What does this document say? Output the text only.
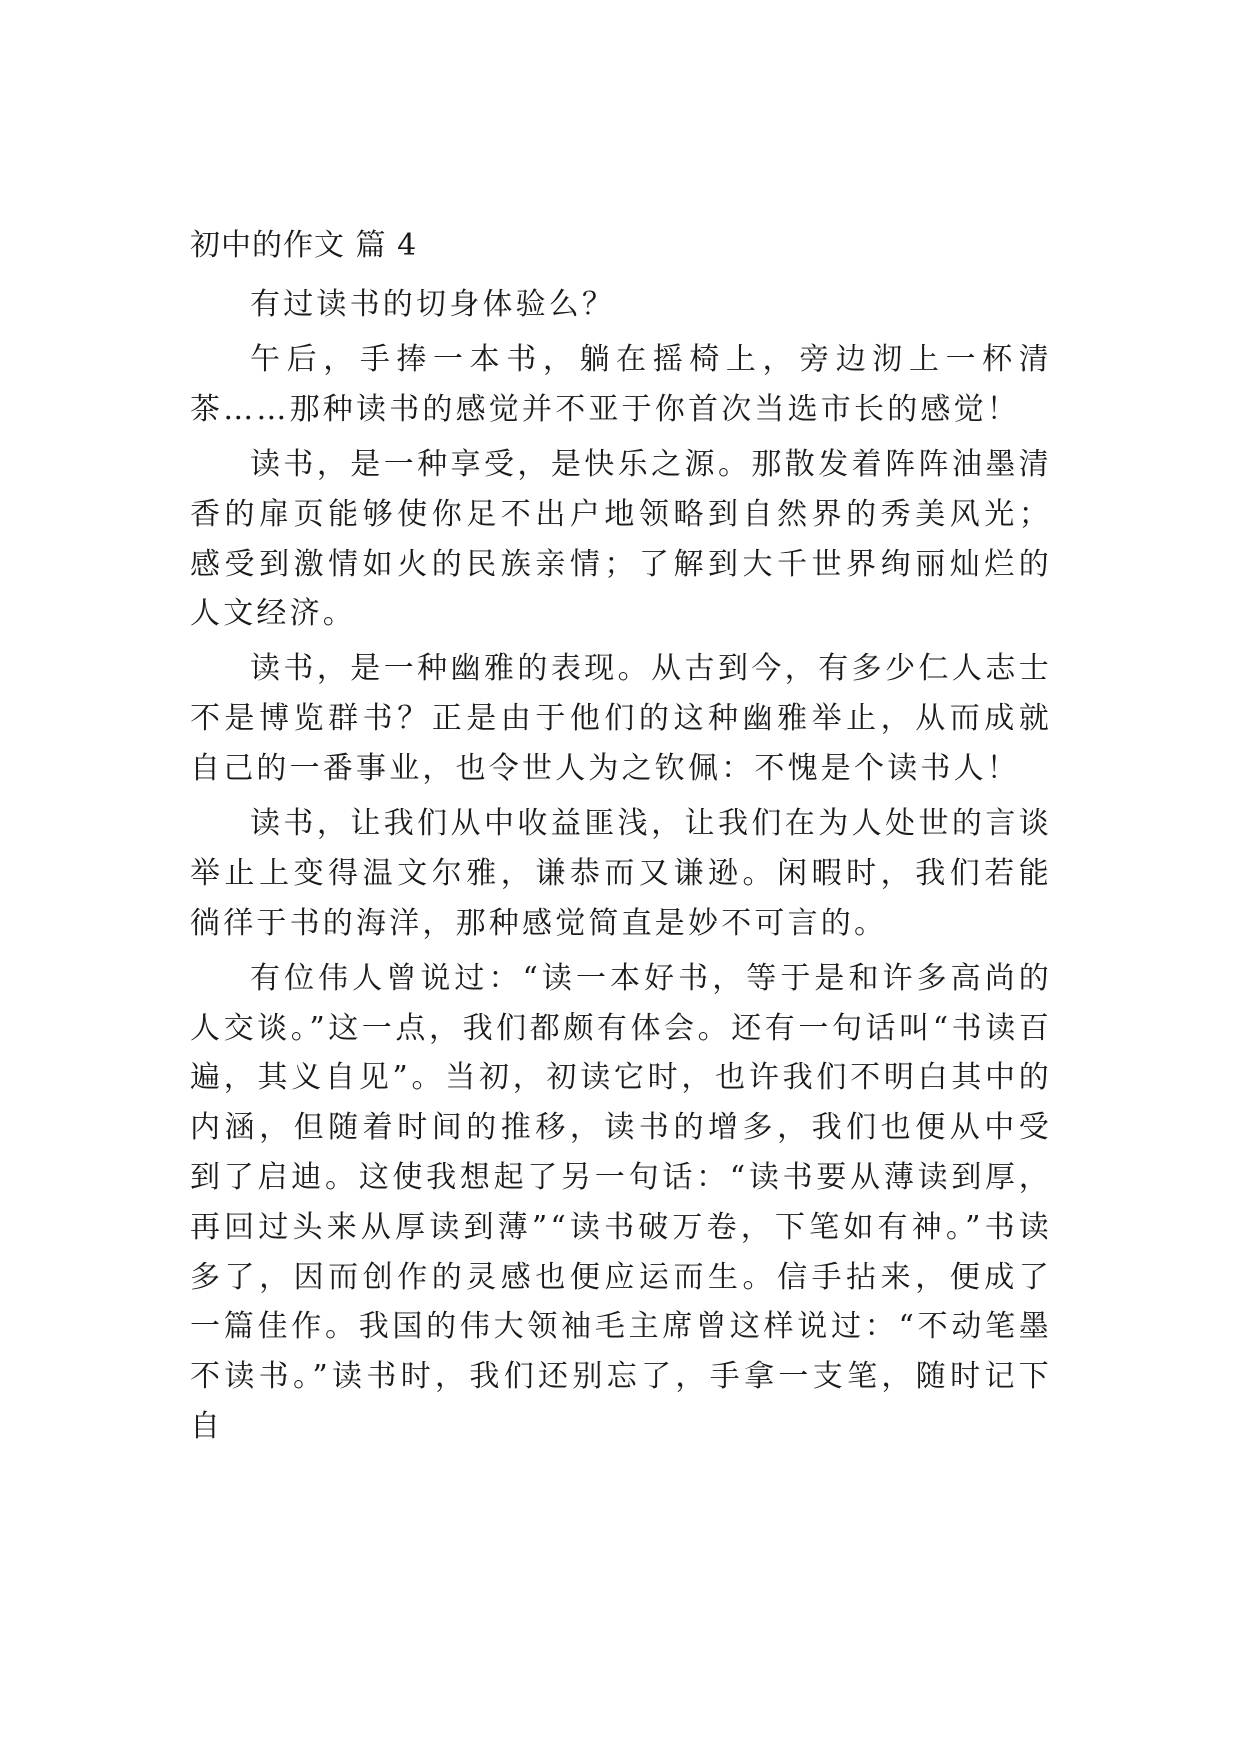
初中的作文 篇 4

有过读书的切身体验么？

午后，手捧一本书，躺在摇椅上，旁边沏上一杯清茶……那种读书的感觉并不亚于你首次当选市长的感觉！

读书，是一种享受，是快乐之源。那散发着阵阵油墨清香的扉页能够使你足不出户地领略到自然界的秀美风光；感受到激情如火的民族亲情；了解到大千世界绚丽灿烂的人文经济。

读书，是一种幽雅的表现。从古到今，有多少仁人志士不是博览群书？正是由于他们的这种幽雅举止，从而成就自己的一番事业，也令世人为之钦佩：不愧是个读书人！

读书，让我们从中收益匪浅，让我们在为人处世的言谈举止上变得温文尔雅，谦恭而又谦逊。闲暇时，我们若能徜徉于书的海洋，那种感觉简直是妙不可言的。

有位伟人曾说过：“读一本好书，等于是和许多高尚的人交谈。”这一点，我们都颇有体会。还有一句话叫“书读百遍，其义自见”。当初，初读它时，也许我们不明白其中的内涵，但随着时间的推移，读书的增多，我们也便从中受到了启迪。这使我想起了另一句话：“读书要从薄读到厚，再回过头来从厚读到薄”“读书破万卷，下笔如有神。”书读多了，因而创作的灵感也便应运而生。信手拈来，便成了一篇佳作。我国的伟大领袖毛主席曾这样说过：“不动笔墨不读书。”读书时，我们还别忘了，手拿一支笔，随时记下自
